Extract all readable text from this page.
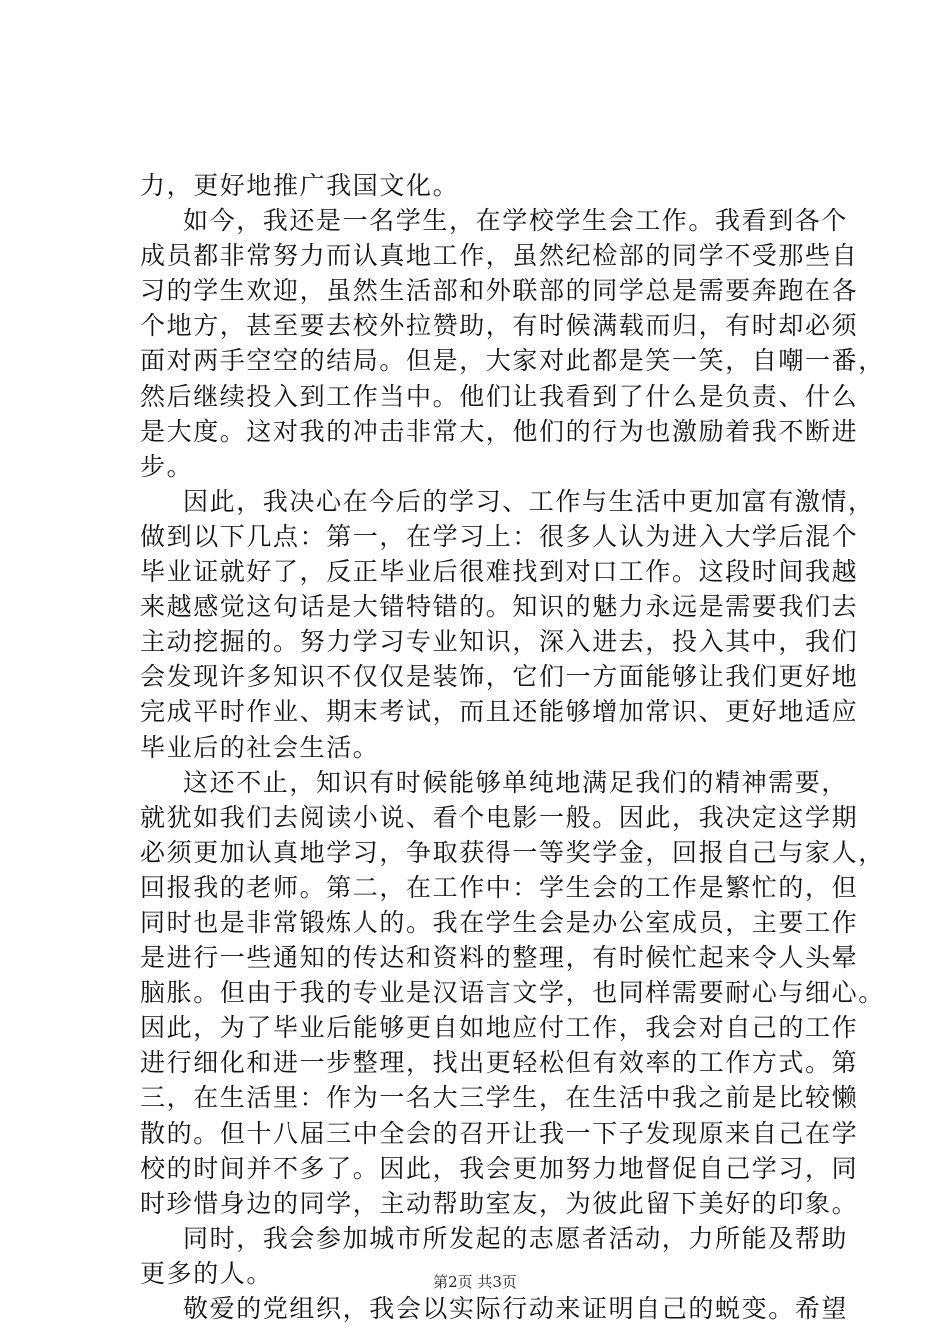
力，更好地推广我国文化。
如今，我还是一名学生，在学校学生会工作。我看到各个
成员都非常努力而认真地工作，虽然纪检部的同学不受那些自
习的学生欢迎，虽然生活部和外联部的同学总是需要奔跑在各
个地方，甚至要去校外拉赞助，有时候满载而归，有时却必须
面对两手空空的结局。但是，大家对此都是笑一笑，自嘲一番，
然后继续投入到工作当中。他们让我看到了什么是负责、什么
是大度。这对我的冲击非常大，他们的行为也激励着我不断进
步。
因此，我决心在今后的学习、工作与生活中更加富有激情，
做到以下几点：第一，在学习上：很多人认为进入大学后混个
毕业证就好了，反正毕业后很难找到对口工作。这段时间我越
来越感觉这句话是大错特错的。知识的魅力永远是需要我们去
主动挖掘的。努力学习专业知识，深入进去，投入其中，我们
会发现许多知识不仅仅是装饰，它们一方面能够让我们更好地
完成平时作业、期末考试，而且还能够增加常识、更好地适应
毕业后的社会生活。
这还不止，知识有时候能够单纯地满足我们的精神需要，
就犹如我们去阅读小说、看个电影一般。因此，我决定这学期
必须更加认真地学习，争取获得一等奖学金，回报自己与家人，
回报我的老师。第二，在工作中：学生会的工作是繁忙的，但
同时也是非常锻炼人的。我在学生会是办公室成员，主要工作
是进行一些通知的传达和资料的整理，有时候忙起来令人头晕
脑胀。但由于我的专业是汉语言文学，也同样需要耐心与细心。
因此，为了毕业后能够更自如地应付工作，我会对自己的工作
进行细化和进一步整理，找出更轻松但有效率的工作方式。第
三，在生活里：作为一名大三学生，在生活中我之前是比较懒
散的。但十八届三中全会的召开让我一下子发现原来自己在学
校的时间并不多了。因此，我会更加努力地督促自己学习，同
时珍惜身边的同学，主动帮助室友，为彼此留下美好的印象。
同时，我会参加城市所发起的志愿者活动，力所能及帮助
更多的人。
敬爱的党组织，我会以实际行动来证明自己的蜕变。希望
第2页 共3页
